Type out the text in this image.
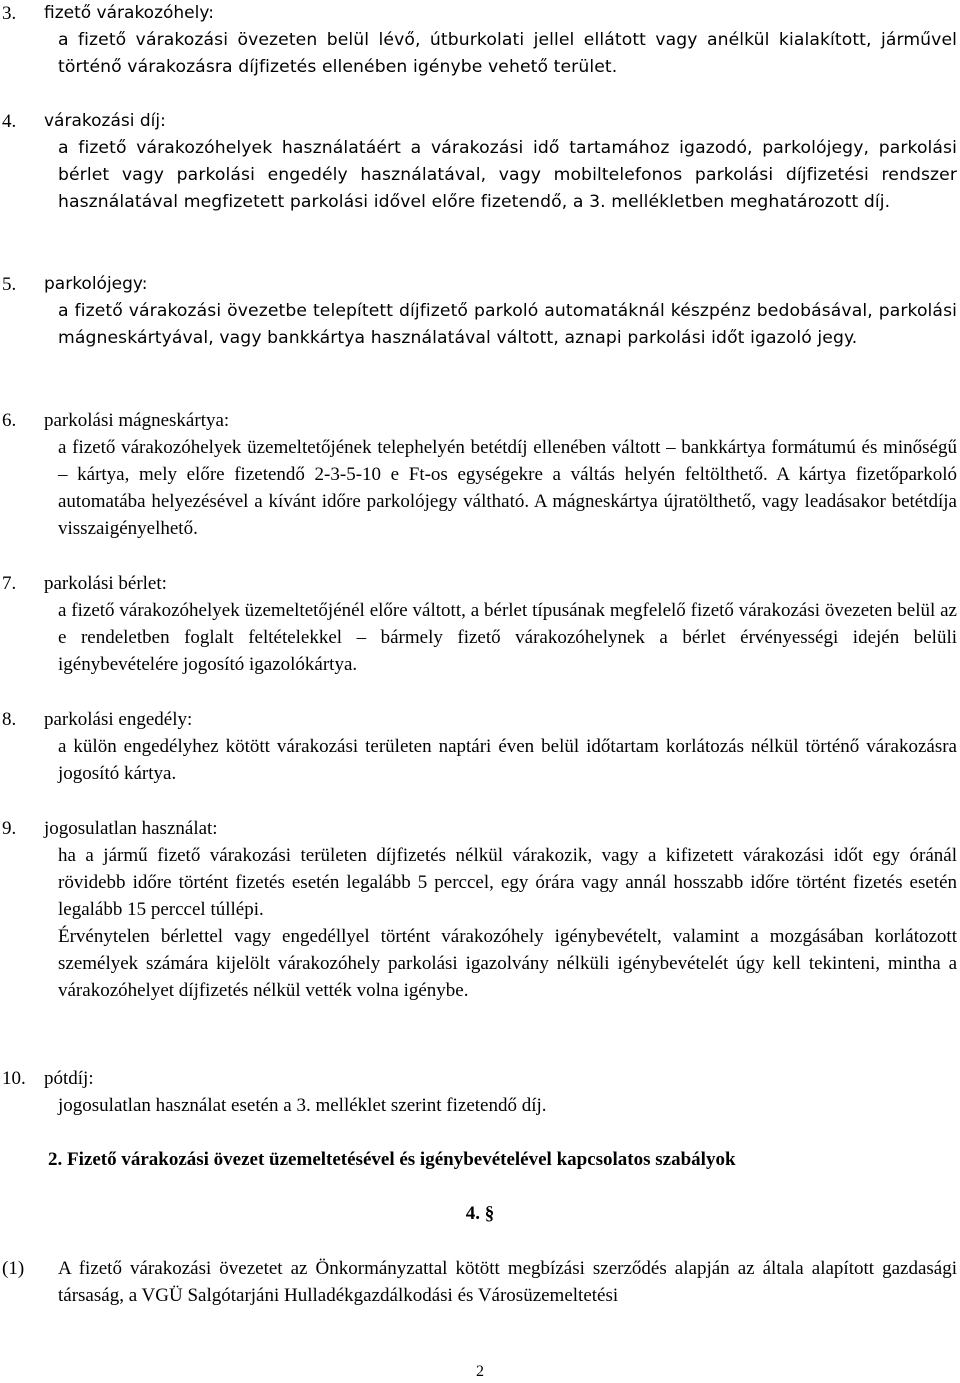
3. fizető várakozóhely:
a fizető várakozási övezeten belül lévő, útburkolati jellel ellátott vagy anélkül kialakított, járművel történő várakozásra díjfizetés ellenében igénybe vehető terület.
4. várakozási díj:
a fizető várakozóhelyek használatáért a várakozási idő tartamához igazodó, parkolójegy, parkolási bérlet vagy parkolási engedély használatával, vagy mobiltelefonos parkolási díjfizetési rendszer használatával megfizetett parkolási idővel előre fizetendő, a 3. mellékletben meghatározott díj.
5. parkolójegy:
a fizető várakozási övezetbe telepített díjfizető parkoló automatáknál készpénz bedobásával, parkolási mágneskártyával, vagy bankkártya használatával váltott, aznapi parkolási időt igazoló jegy.
6. parkolási mágneskártya:
a fizető várakozóhelyek üzemeltetőjének telephelyén betétdíj ellenében váltott – bankkártya formátumú és minőségű – kártya, mely előre fizetendő 2-3-5-10 e Ft-os egységekre a váltás helyén feltölthető. A kártya fizetőparkoló automatába helyezésével a kívánt időre parkolójegy váltható. A mágneskártya újratölthető, vagy leadásakor betétdíja visszaigényelhető.
7. parkolási bérlet:
a fizető várakozóhelyek üzemeltetőjénél előre váltott, a bérlet típusának megfelelő fizető várakozási övezeten belül az e rendeletben foglalt feltételekkel – bármely fizető várakozóhelynek a bérlet érvényességi idején belüli igénybevételére jogosító igazolókártya.
8. parkolási engedély:
a külön engedélyhez kötött várakozási területen naptári éven belül időtartam korlátozás nélkül történő várakozásra jogosító kártya.
9. jogosulatlan használat:
ha a jármű fizető várakozási területen díjfizetés nélkül várakozik, vagy a kifizetett várakozási időt egy óránál rövidebb időre történt fizetés esetén legalább 5 perccel, egy órára vagy annál hosszabb időre történt fizetés esetén legalább 15 perccel túllépi.
Érvénytelen bérlettel vagy engedéllyel történt várakozóhely igénybevételt, valamint a mozgásában korlátozott személyek számára kijelölt várakozóhely parkolási igazolvány nélküli igénybevételét úgy kell tekinteni, mintha a várakozóhelyet díjfizetés nélkül vették volna igénybe.
10. pótdíj:
jogosulatlan használat esetén a 3. melléklet szerint fizetendő díj.
2. Fizető várakozási övezet üzemeltetésével és igénybevételével kapcsolatos szabályok
4. §
(1) A fizető várakozási övezetet az Önkormányzattal kötött megbízási szerződés alapján az általa alapított gazdasági társaság, a VGÜ Salgótarjáni Hulladékgazdálkodási és Városüzemeltetési
2
